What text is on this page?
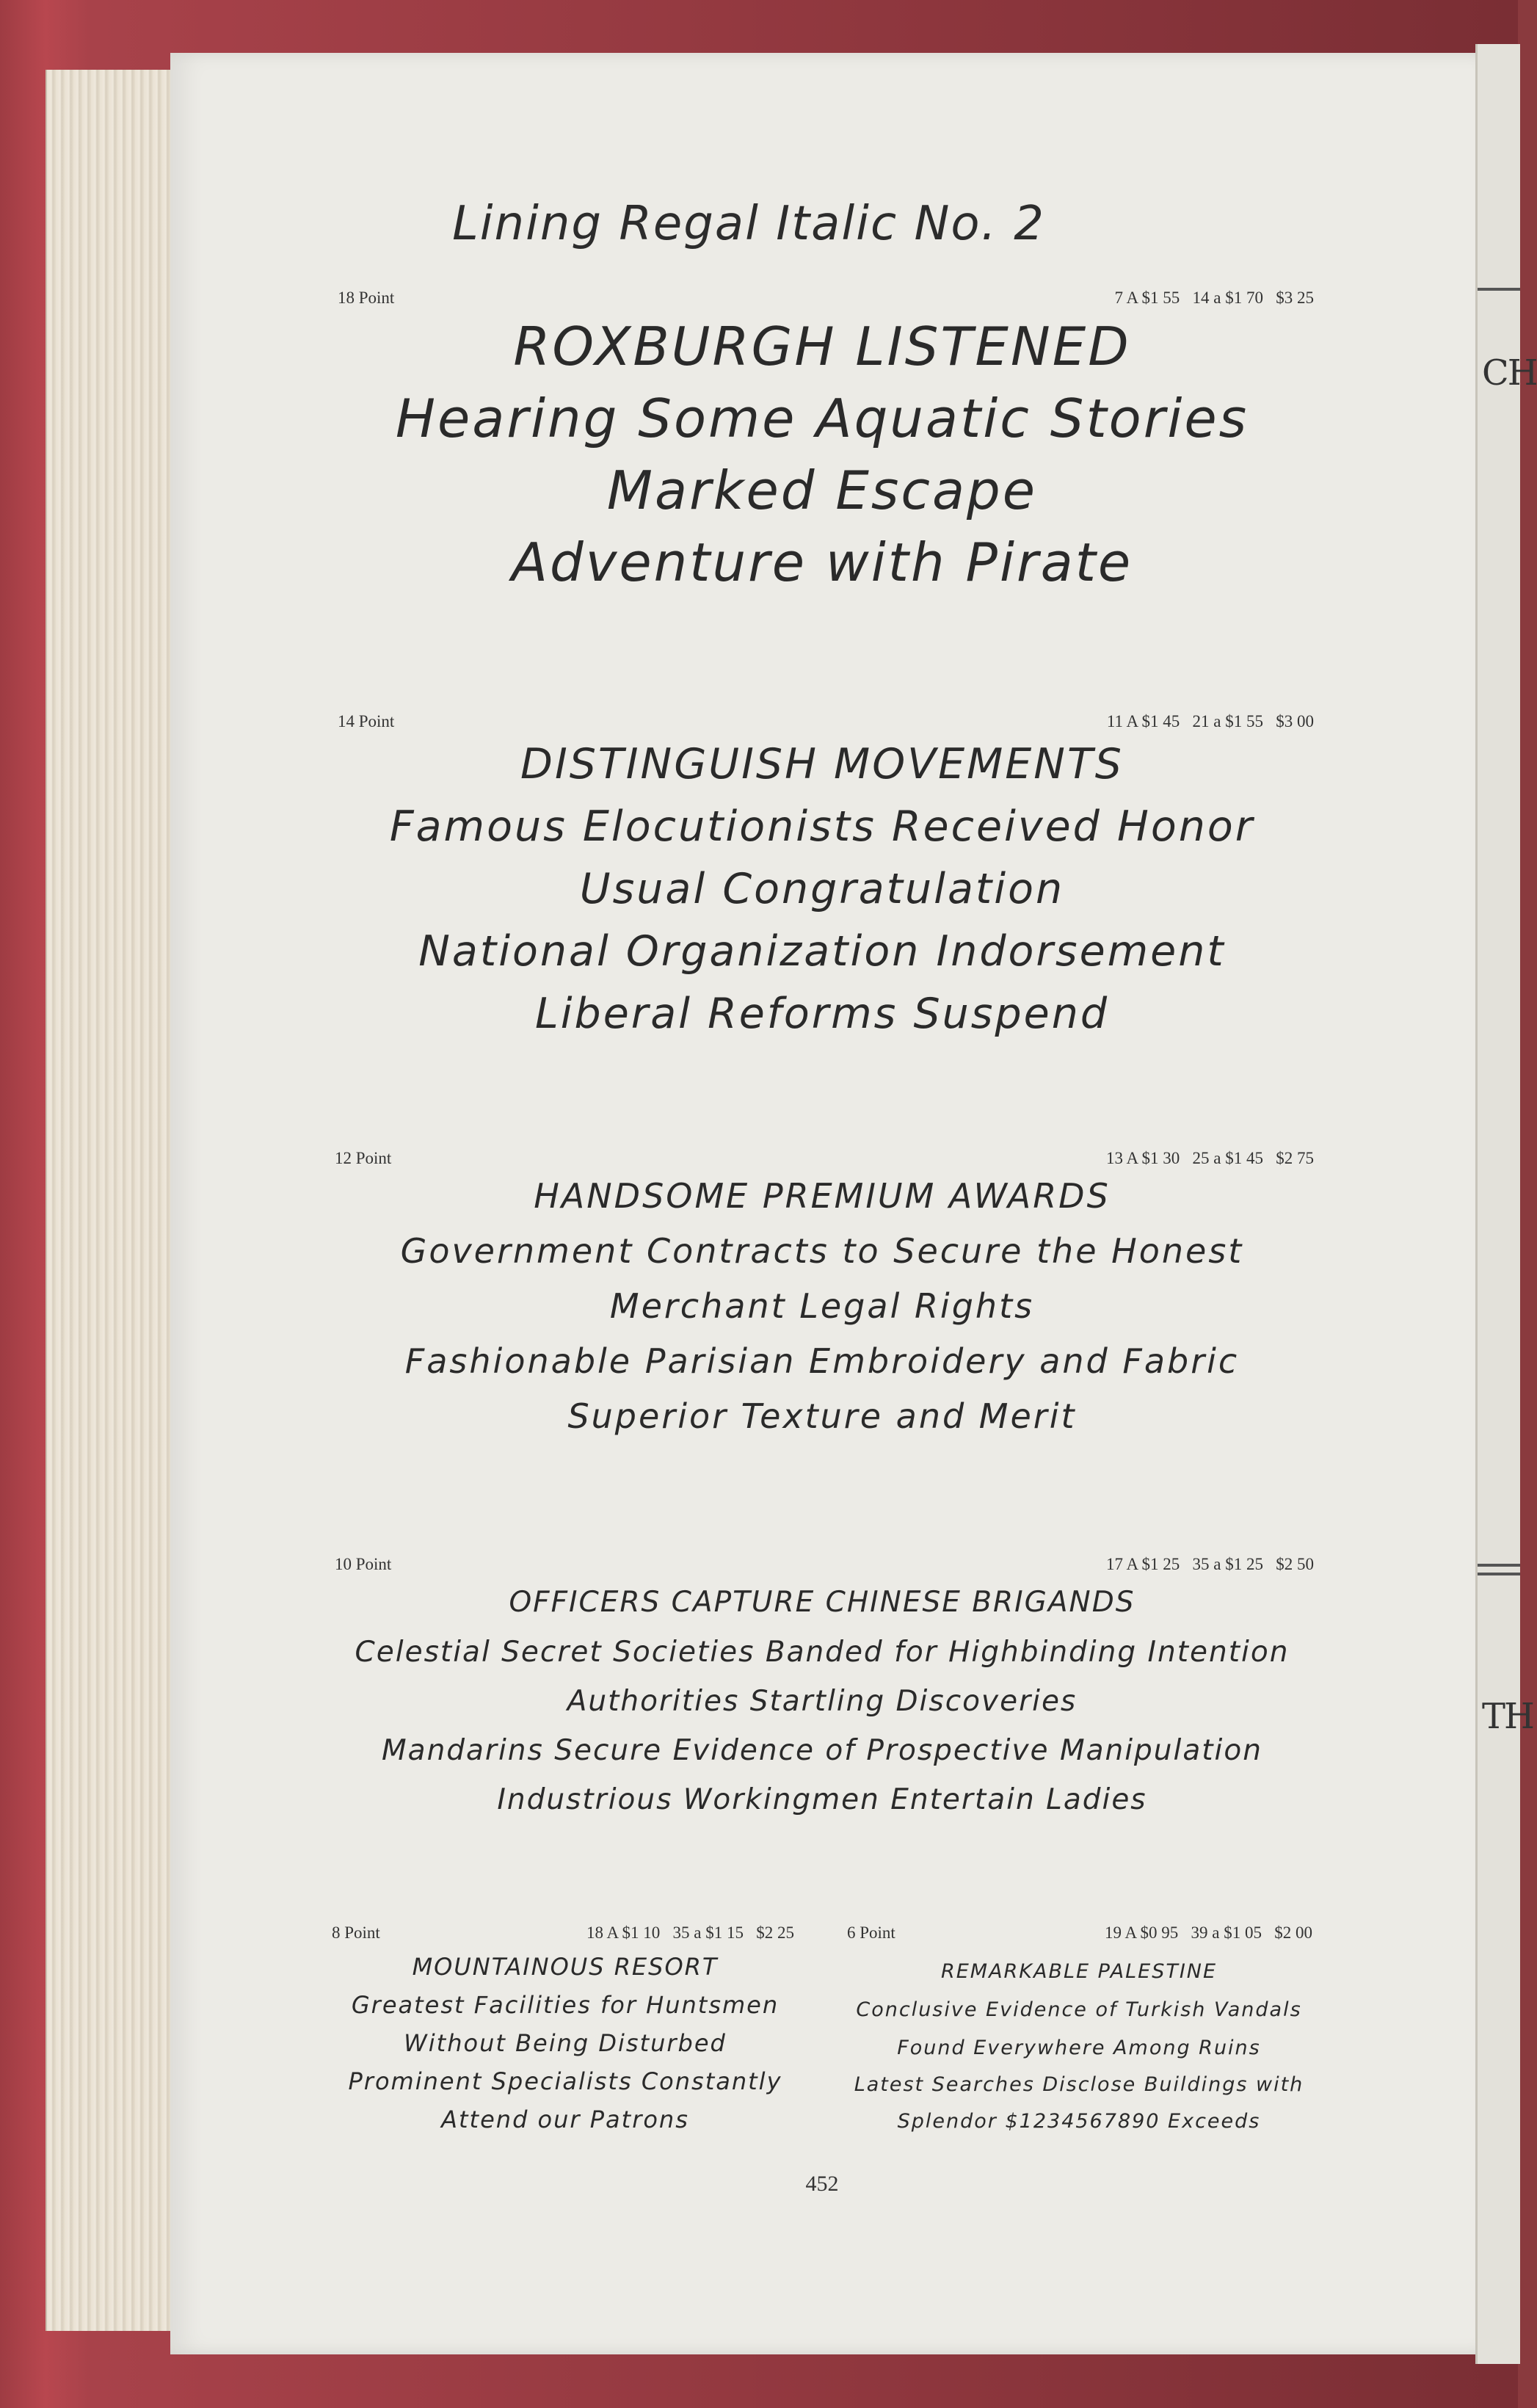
CH
TH
Lining Regal Italic No. 2
18 Point	7 A $1 55   14 a $1 70   $3 25
ROXBURGH LISTENED
Hearing Some Aquatic Stories
Marked Escape
Adventure with Pirate
14 Point	11 A $1 45   21 a $1 55   $3 00
DISTINGUISH MOVEMENTS
Famous Elocutionists Received Honor
Usual Congratulation
National Organization Indorsement
Liberal Reforms Suspend
12 Point	13 A $1 30   25 a $1 45   $2 75
HANDSOME PREMIUM AWARDS
Government Contracts to Secure the Honest
Merchant Legal Rights
Fashionable Parisian Embroidery and Fabric
Superior Texture and Merit
10 Point	17 A $1 25   35 a $1 25   $2 50
OFFICERS CAPTURE CHINESE BRIGANDS
Celestial Secret Societies Banded for Highbinding Intention
Authorities Startling Discoveries
Mandarins Secure Evidence of Prospective Manipulation
Industrious Workingmen Entertain Ladies
8 Point	18 A $1 10   35 a $1 15   $2 25
MOUNTAINOUS RESORT
Greatest Facilities for Huntsmen
Without Being Disturbed
Prominent Specialists Constantly
Attend our Patrons
6 Point	19 A $0 95   39 a $1 05   $2 00
REMARKABLE PALESTINE
Conclusive Evidence of Turkish Vandals
Found Everywhere Among Ruins
Latest Searches Disclose Buildings with
Splendor $1234567890 Exceeds
452
